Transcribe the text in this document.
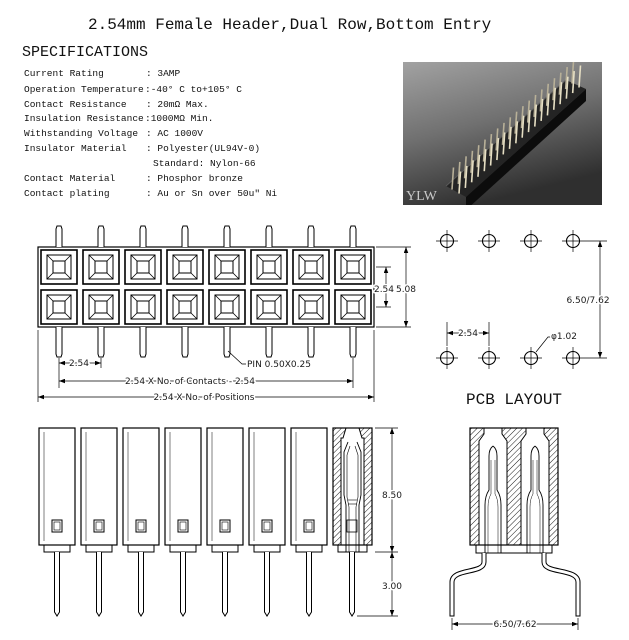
2.54mm Female Header,Dual Row,Bottom Entry
SPECIFICATIONS
Current Rating	: 3AMP
Operation Temperature :-40° C to+105° C
Contact Resistance : 20mΩ Max.
Insulation Resistance :1000MΩ Min.
Withstanding Voltage : AC 1000V
Insulator Material : Polyester(UL94V-0)
Standard: Nylon-66
Contact Material	: Phosphor bronze
Contact plating	: Au or Sn over 50u" Ni	YLW
2.54 5.08
2.54	PIN 0.50X0.25
2.54 X No. of Contacts - 2.54
2.54 X No. of Positions
2.54	φ1.02
6.50/7.62
PCB LAYOUT
8.50
3.00
6.50/7.62
